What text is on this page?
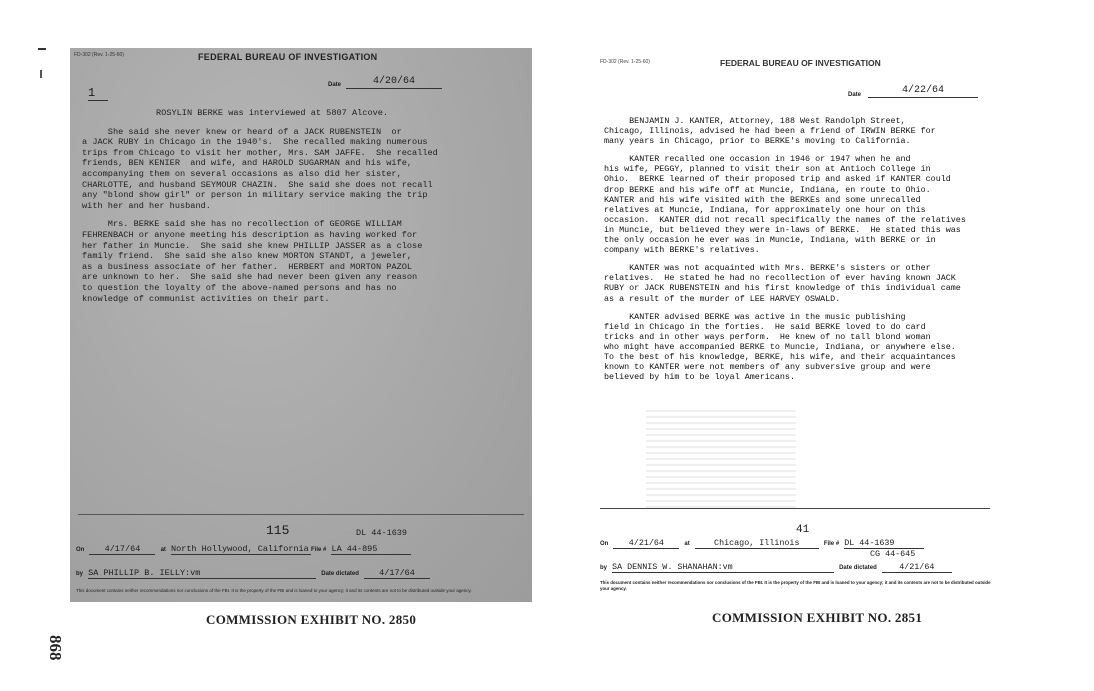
868
FD-302 (Rev. 1-25-60)	FEDERAL BUREAU OF INVESTIGATION
1
Date	4/20/64

ROSYLIN BERKE was interviewed at 5807 Alcove.

She said she never knew or heard of a JACK RUBENSTEIN  or
a JACK RUBY in Chicago in the 1940's.  She recalled making numerous
trips from Chicago to visit her mother, Mrs. SAM JAFFE.  She recalled
friends, BEN KENIER  and wife, and HAROLD SUGARMAN and his wife,
accompanying them on several occasions as also did her sister,
CHARLOTTE, and husband SEYMOUR CHAZIN.  She said she does not recall
any "blond show girl" or person in military service making the trip
with her and her husband.

Mrs. BERKE said she has no recollection of GEORGE WILLIAM
FEHRENBACH or anyone meeting his description as having worked for
her father in Muncie.  She said she knew PHILLIP JASSER as a close
family friend.  She said she also knew MORTON STANDT, a jeweler,
as a business associate of her father.  HERBERT and MORTON PAZOL
are unknown to her.  She said she had never been given any reason
to question the loyalty of the above-named persons and has no
knowledge of communist activities on their part.

115	DL 44-1639
On 4/17/64	at North Hollywood, California File # LA 44-895
by SA PHILLIP B. IELLY:vm	Date dictated 4/17/64
This document contains neither recommendations nor conclusions of the FBI. It is the property of the FBI and is loaned to your agency; it and its contents are not to be distributed outside your agency.
COMMISSION EXHIBIT NO. 2850
FD-302 (Rev. 1-25-60)	FEDERAL BUREAU OF INVESTIGATION
Date	4/22/64

BENJAMIN J. KANTER, Attorney, 188 West Randolph Street,
Chicago, Illinois, advised he had been a friend of IRWIN BERKE for
many years in Chicago, prior to BERKE's moving to California.

KANTER recalled one occasion in 1946 or 1947 when he and
his wife, PEGGY, planned to visit their son at Antioch College in
Ohio.  BERKE learned of their proposed trip and asked if KANTER could
drop BERKE and his wife off at Muncie, Indiana, en route to Ohio.
KANTER and his wife visited with the BERKEs and some unrecalled
relatives at Muncie, Indiana, for approximately one hour on this
occasion.  KANTER did not recall specifically the names of the relatives
in Muncie, but believed they were in-laws of BERKE.  He stated this was
the only occasion he ever was in Muncie, Indiana, with BERKE or in
company with BERKE's relatives.

KANTER was not acquainted with Mrs. BERKE's sisters or other
relatives.  He stated he had no recollection of ever having known JACK
RUBY or JACK RUBENSTEIN and his first knowledge of this individual came
as a result of the murder of LEE HARVEY OSWALD.

KANTER advised BERKE was active in the music publishing
field in Chicago in the forties.  He said BERKE loved to do card
tricks and in other ways perform.  He knew of no tall blond woman
who might have accompanied BERKE to Muncie, Indiana, or anywhere else.
To the best of his knowledge, BERKE, his wife, and their acquaintances
known to KANTER were not members of any subversive group and were
believed by him to be loyal Americans.

41
On 4/21/64	at	Chicago, Illinois	File # DL 44-1639
CG 44-645
by SA DENNIS W. SHANAHAN:vm	Date dictated	4/21/64
This document contains neither recommendations nor conclusions of the FBI. It is the property of the FBI and is loaned to your agency; it and its contents are not to be distributed outside your agency.
COMMISSION EXHIBIT NO. 2851
